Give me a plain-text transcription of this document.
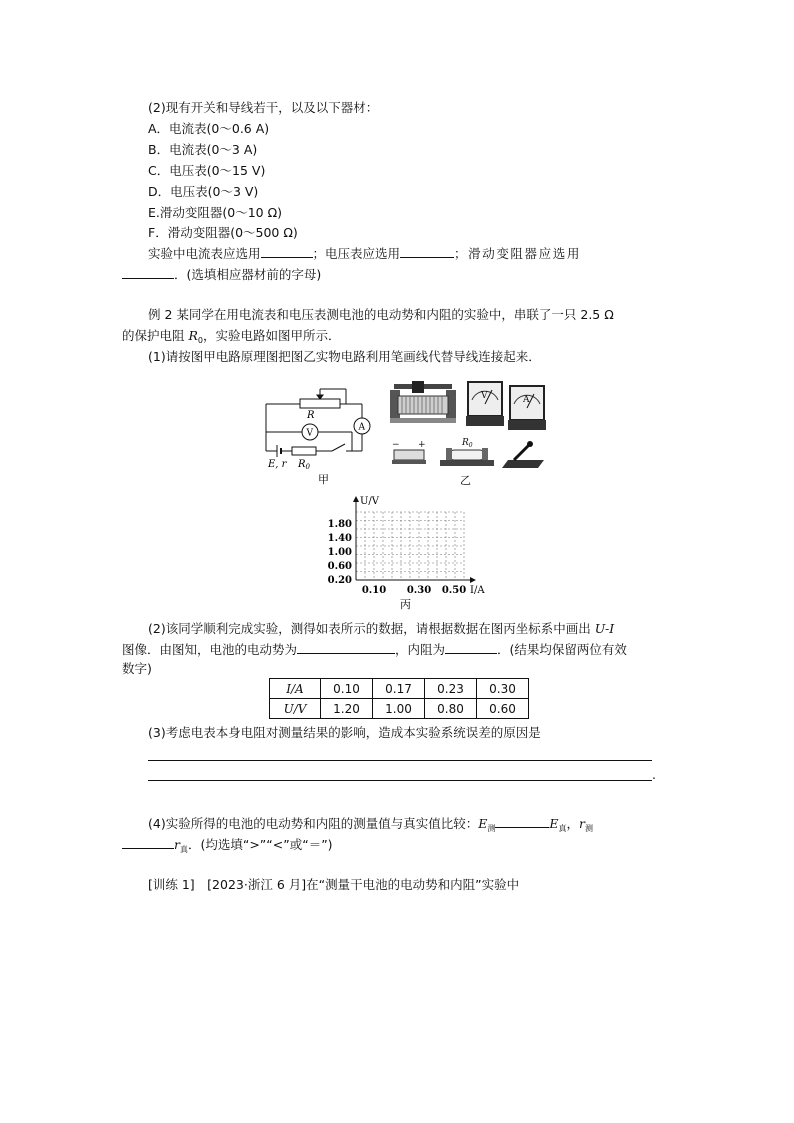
(2)现有开关和导线若干，以及以下器材：
A．电流表(0～0.6 A)
B．电流表(0～3 A)
C．电压表(0～15 V)
D．电压表(0～3 V)
E.滑动变阻器(0～10 Ω)
F．滑动变阻器(0～500 Ω)
实验中电流表应选用	；电压表应选用	；滑动变阻器应选用
．(选填相应器材前的字母)
例 2 某同学在用电流表和电压表测电池的电动势和内阻的实验中，串联了一只 2.5 Ω
的保护电阻 $R_0$，实验电路如图甲所示．
(1)请按图甲电路原理图把图乙实物电路利用笔画线代替导线连接起来．
R
V
A
E, r $R_0$
甲
V	A
− +	$R_0$
乙
0.20
0.60
1.00
1.40
1.80
0.10 0.30 0.50
U/V
I/A
丙
(2)该同学顺利完成实验，测得如表所示的数据，请根据数据在图丙坐标系中画出 U-I
图像．由图知，电池的电动势为	，内阻为	．(结果均保留两位有效
数字)
I/A	0.10	0.17	0.23	0.30
U/V	1.20	1.00	0.80	0.60
(3)考虑电表本身电阻对测量结果的影响，造成本实验系统误差的原因是
.
(4)实验所得的电池的电动势和内阻的测量值与真实值比较：$E_测$	$E_真$，$r_测$
$r_真$．(均选填“>”“<”或“＝”)
[训练 1]　[2023·浙江 6 月]在“测量干电池的电动势和内阻”实验中
